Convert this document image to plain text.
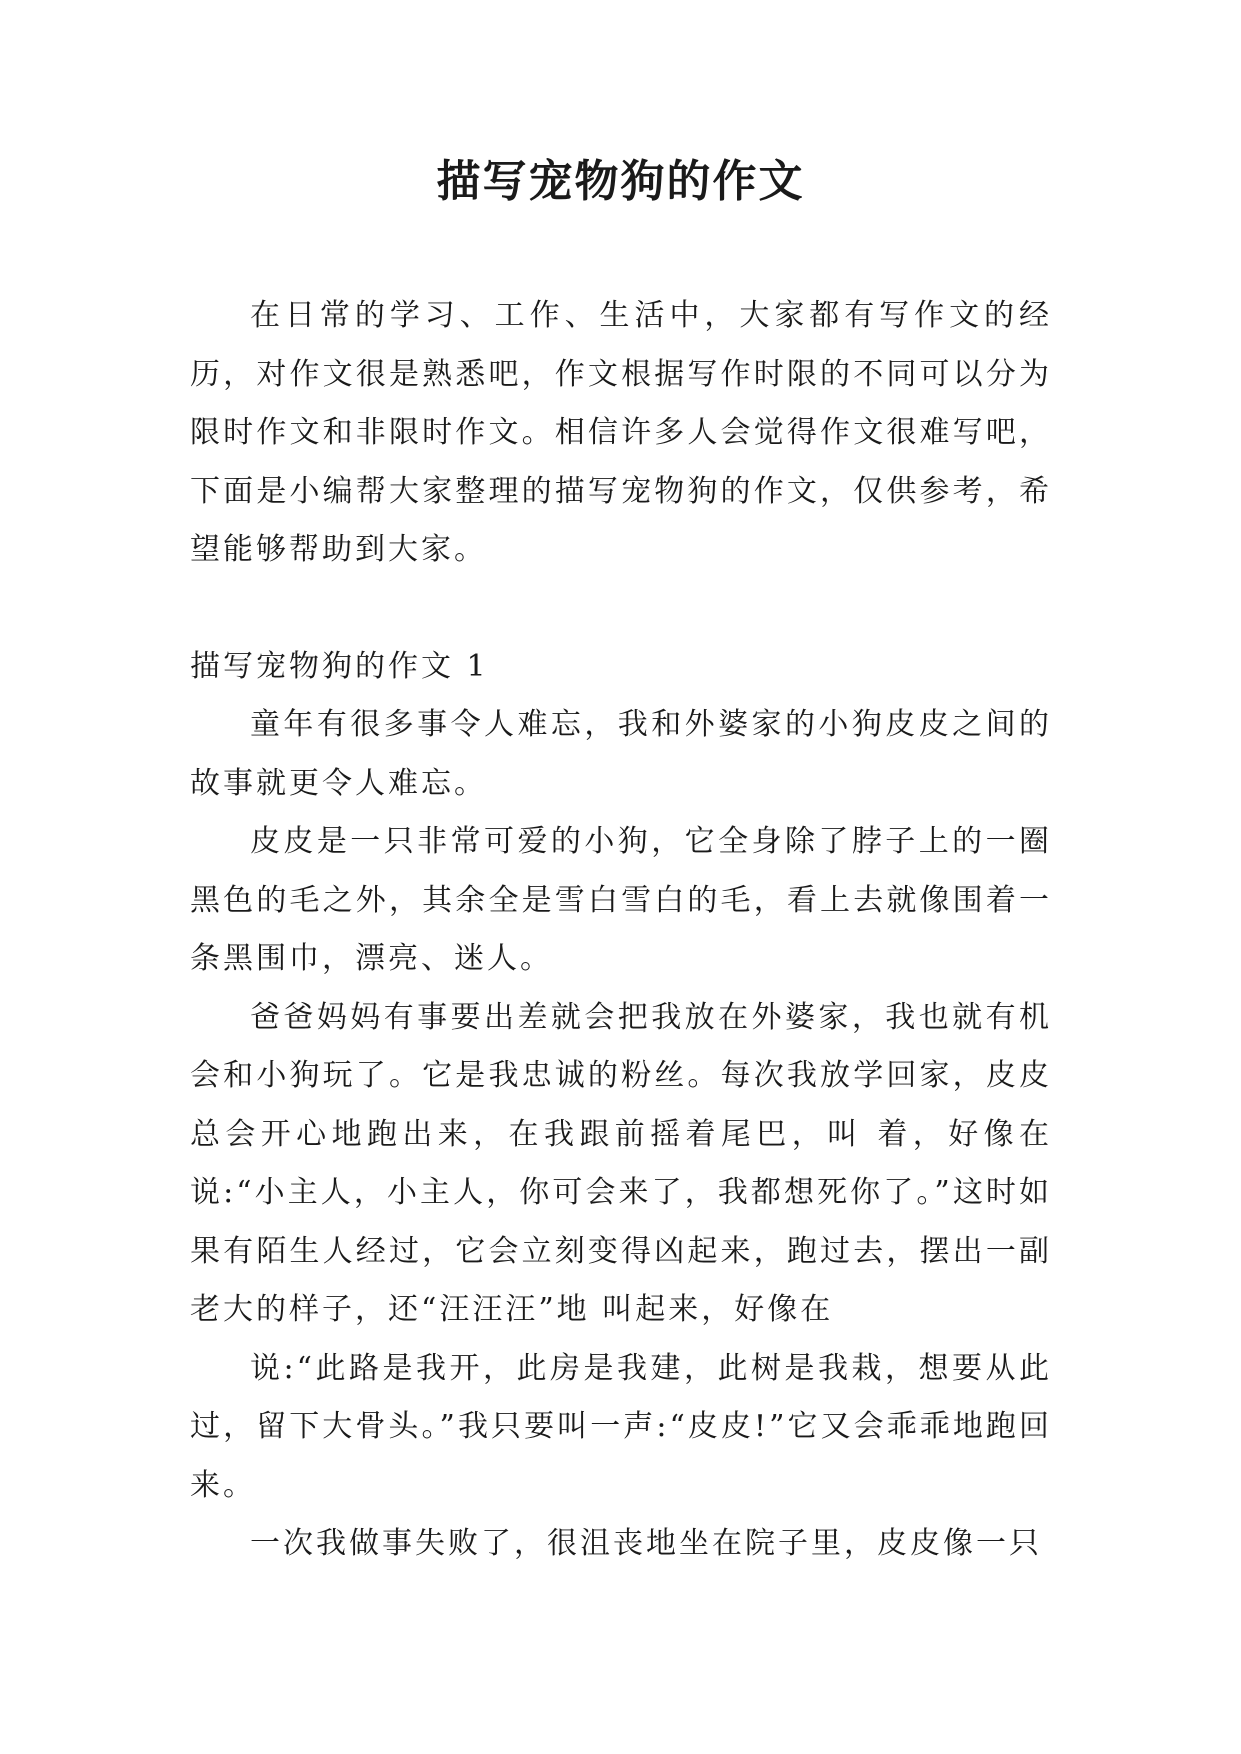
描写宠物狗的作文

在日常的学习、工作、生活中，大家都有写作文的经历，对作文很是熟悉吧，作文根据写作时限的不同可以分为限时作文和非限时作文。相信许多人会觉得作文很难写吧，下面是小编帮大家整理的描写宠物狗的作文，仅供参考，希望能够帮助到大家。

描写宠物狗的作文 1

童年有很多事令人难忘，我和外婆家的小狗皮皮之间的故事就更令人难忘。

皮皮是一只非常可爱的小狗，它全身除了脖子上的一圈黑色的毛之外，其余全是雪白雪白的毛，看上去就像围着一条黑围巾，漂亮、迷人。

爸爸妈妈有事要出差就会把我放在外婆家，我也就有机会和小狗玩了。它是我忠诚的粉丝。每次我放学回家，皮皮总会开心地跑出来，在我跟前摇着尾巴，叫 着，好像在说:“小主人，小主人，你可会来了，我都想死你了。”这时如果有陌生人经过，它会立刻变得凶起来，跑过去，摆出一副老大的样子，还“汪汪汪”地 叫起来，好像在

说:“此路是我开，此房是我建，此树是我栽，想要从此过，留下大骨头。”我只要叫一声:“皮皮!”它又会乖乖地跑回来。

一次我做事失败了，很沮丧地坐在院子里，皮皮像一只
